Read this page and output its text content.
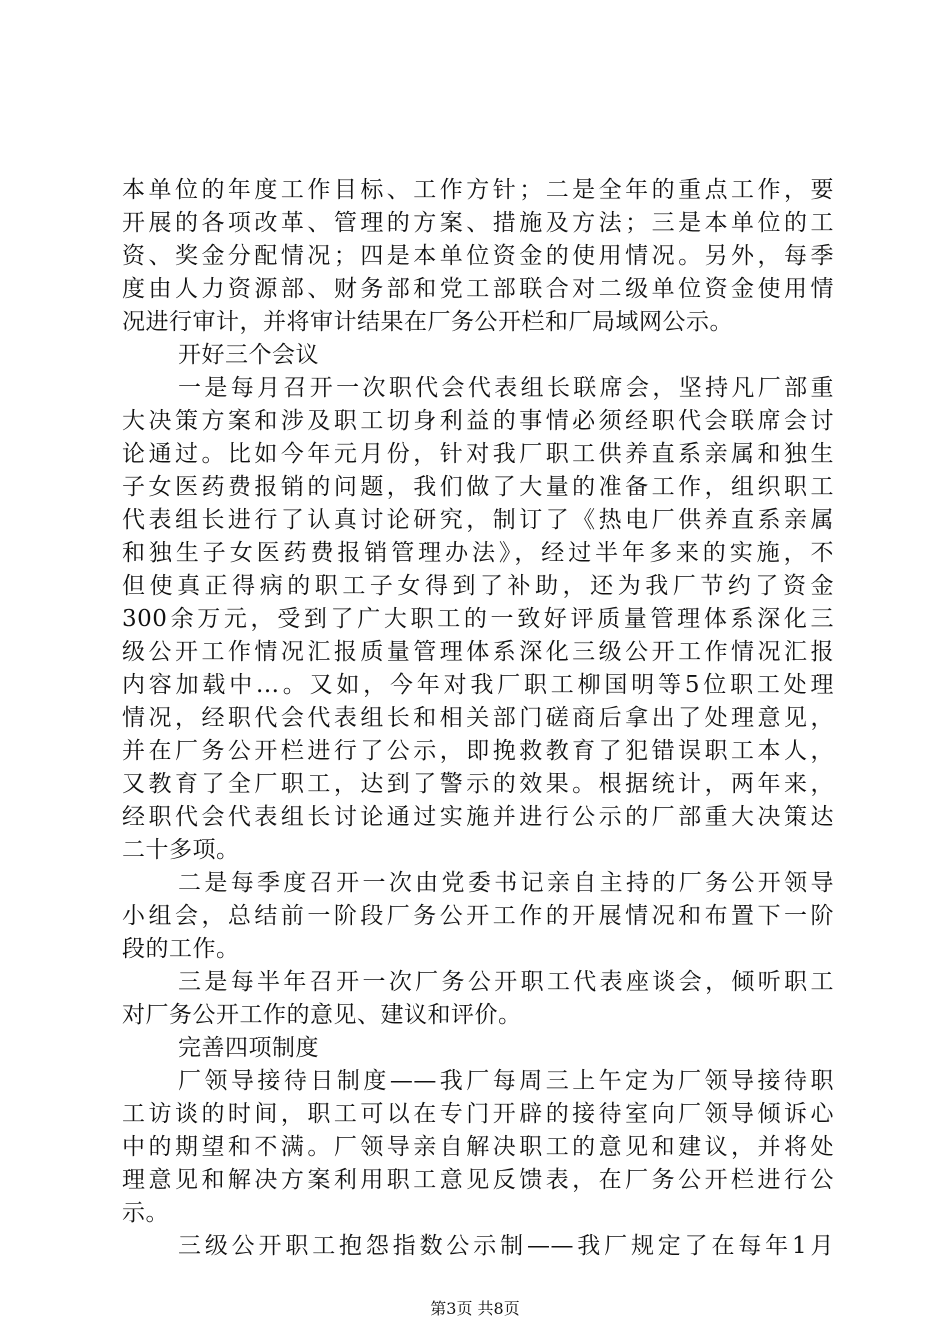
本单位的年度工作目标、工作方针；二是全年的重点工作，要
开展的各项改革、管理的方案、措施及方法；三是本单位的工
资、奖金分配情况；四是本单位资金的使用情况。另外，每季
度由人力资源部、财务部和党工部联合对二级单位资金使用情
况进行审计，并将审计结果在厂务公开栏和厂局域网公示。
开好三个会议
一是每月召开一次职代会代表组长联席会，坚持凡厂部重
大决策方案和涉及职工切身利益的事情必须经职代会联席会讨
论通过。比如今年元月份，针对我厂职工供养直系亲属和独生
子女医药费报销的问题，我们做了大量的准备工作，组织职工
代表组长进行了认真讨论研究，制订了《热电厂供养直系亲属
和独生子女医药费报销管理办法》，经过半年多来的实施，不
但使真正得病的职工子女得到了补助，还为我厂节约了资金
300余万元，受到了广大职工的一致好评质量管理体系深化三
级公开工作情况汇报质量管理体系深化三级公开工作情况汇报
内容加载中...。又如，今年对我厂职工柳国明等5位职工处理
情况，经职代会代表组长和相关部门磋商后拿出了处理意见，
并在厂务公开栏进行了公示，即挽救教育了犯错误职工本人，
又教育了全厂职工，达到了警示的效果。根据统计，两年来，
经职代会代表组长讨论通过实施并进行公示的厂部重大决策达
二十多项。
二是每季度召开一次由党委书记亲自主持的厂务公开领导
小组会，总结前一阶段厂务公开工作的开展情况和布置下一阶
段的工作。
三是每半年召开一次厂务公开职工代表座谈会，倾听职工
对厂务公开工作的意见、建议和评价。
完善四项制度
厂领导接待日制度——我厂每周三上午定为厂领导接待职
工访谈的时间，职工可以在专门开辟的接待室向厂领导倾诉心
中的期望和不满。厂领导亲自解决职工的意见和建议，并将处
理意见和解决方案利用职工意见反馈表，在厂务公开栏进行公
示。
三级公开职工抱怨指数公示制——我厂规定了在每年1月
第3页 共8页
